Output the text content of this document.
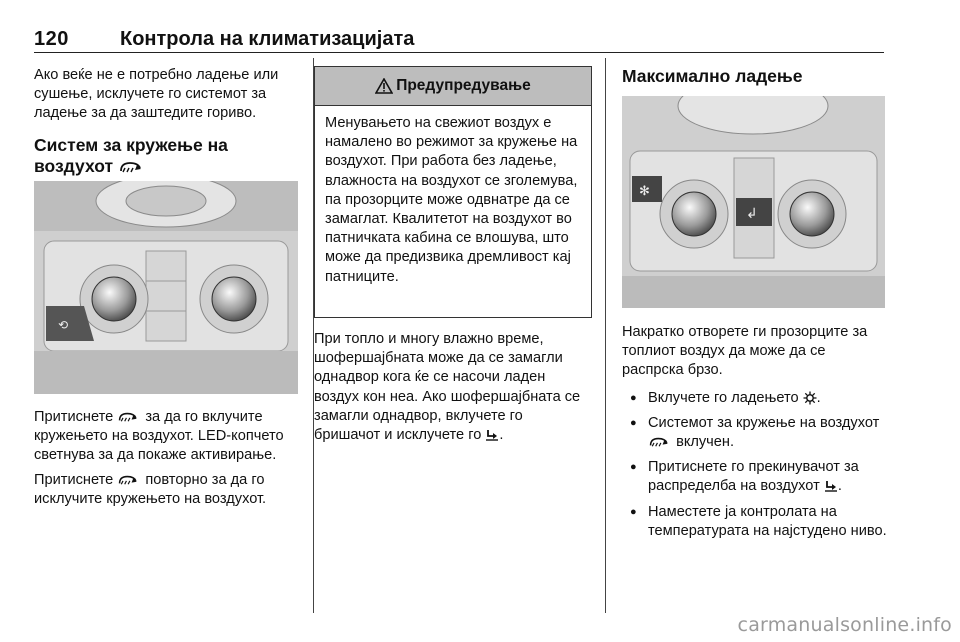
120	Контрола на климатизацијата

Ако веќе не е потребно ладење или сушење, исклучете го системот за ладење за да заштедите гориво.

Систем за кружење на
воздухот
⟲

Притиснете за да го вклучите кружењето на воздухот. LED-копчето светнува за да покаже активирање.

Притиснете повторно за да го исклучите кружењето на воздухот.

Предупредување

Менувањето на свежиот воздух е намалено во режимот за кружење на воздухот. При работа без ладење, влажноста на воздухот се зголемува, па прозорците може одвнатре да се замаглат. Квалитетот на воздухот во патничката кабина се влошува, што може да предизвика дремливост кај патниците.

При топло и многу влажно време, шофершајбната може да се замагли однадвор кога ќе се насочи ладен воздух кон неа. Ако шофершајбната се замагли однадвор, вклучете го бришачот и исклучете го .

Максимално ладење
↲
✻

Накратко отворете ги прозорците за топлиот воздух да може да се распрска брзо.

● Вклучете го ладењето .
● Системот за кружење на воздухот  вклучен.
● Притиснете го прекинувачот за распределба на воздухот .
● Наместете ја контролата на температурата на најстудено ниво.
carmanualsonline.info
